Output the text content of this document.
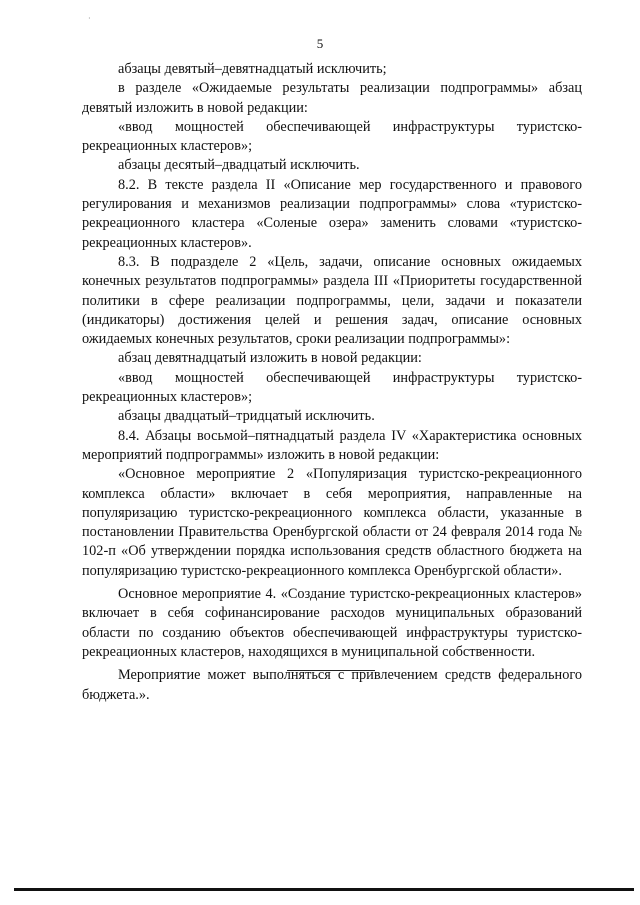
·
5

абзацы девятый–девятнадцатый исключить;

в разделе «Ожидаемые результаты реализации подпрограммы» абзац девятый изложить в новой редакции:

«ввод мощностей обеспечивающей инфраструктуры туристско-рекреационных кластеров»;

абзацы десятый–двадцатый исключить.

8.2. В тексте раздела II «Описание мер государственного и правового регулирования и механизмов реализации подпрограммы» слова «туристско-рекреационного кластера «Соленые озера» заменить словами «туристско-рекреационных кластеров».

8.3. В подразделе 2 «Цель, задачи, описание основных ожидаемых конечных результатов подпрограммы» раздела III «Приоритеты государственной политики в сфере реализации подпрограммы, цели, задачи и показатели (индикаторы) достижения целей и решения задач, описание основных ожидаемых конечных результатов, сроки реализации подпрограммы»:

абзац девятнадцатый изложить в новой редакции:

«ввод мощностей обеспечивающей инфраструктуры туристско-рекреационных кластеров»;

абзацы двадцатый–тридцатый исключить.

8.4. Абзацы восьмой–пятнадцатый раздела IV «Характеристика основных мероприятий подпрограммы» изложить в новой редакции:

«Основное мероприятие 2 «Популяризация туристско-рекреационного комплекса области» включает в себя мероприятия, направленные на популяризацию туристско-рекреационного комплекса области, указанные в постановлении Правительства Оренбургской области от 24 февраля 2014 года № 102-п «Об утверждении порядка использования средств областного бюджета на популяризацию туристско-рекреационного комплекса Оренбургской области».

Основное мероприятие 4. «Создание туристско-рекреационных кластеров» включает в себя софинансирование расходов муниципальных образований области по созданию объектов обеспечивающей инфраструктуры туристско-рекреационных кластеров, находящихся в муниципальной собственности.

Мероприятие может выполняться с привлечением средств федерального бюджета.».
